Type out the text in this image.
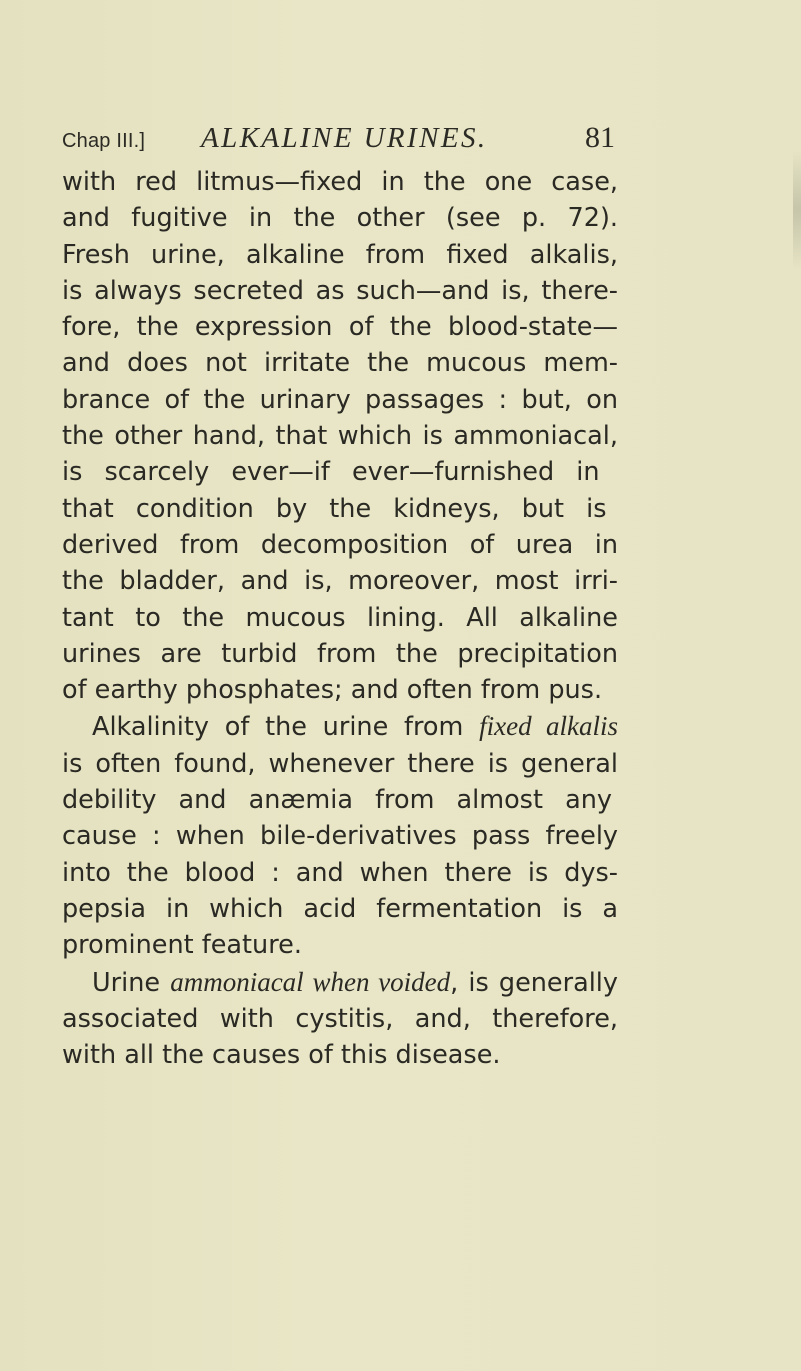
Chap III.] ALKALINE URINES.	81

with red litmus—fixed in the one case,
and fugitive in the other (see p. 72).
Fresh urine, alkaline from fixed alkalis,
is always secreted as such—and is, there-
fore, the expression of the blood-state—
and does not irritate the mucous mem-
brance of the urinary passages : but, on
the other hand, that which is ammoniacal,
is scarcely ever—if ever—furnished in
that condition by the kidneys, but is
derived from decomposition of urea in
the bladder, and is, moreover, most irri-
tant to the mucous lining. All alkaline
urines are turbid from the precipitation
of earthy phosphates; and often from pus.

Alkalinity of the urine from fixed alkalis
is often found, whenever there is general
debility and anæmia from almost any
cause : when bile-derivatives pass freely
into the blood : and when there is dys-
pepsia in which acid fermentation is a
prominent feature.

Urine ammoniacal when voided, is generally
associated with cystitis, and, therefore,
with all the causes of this disease.
